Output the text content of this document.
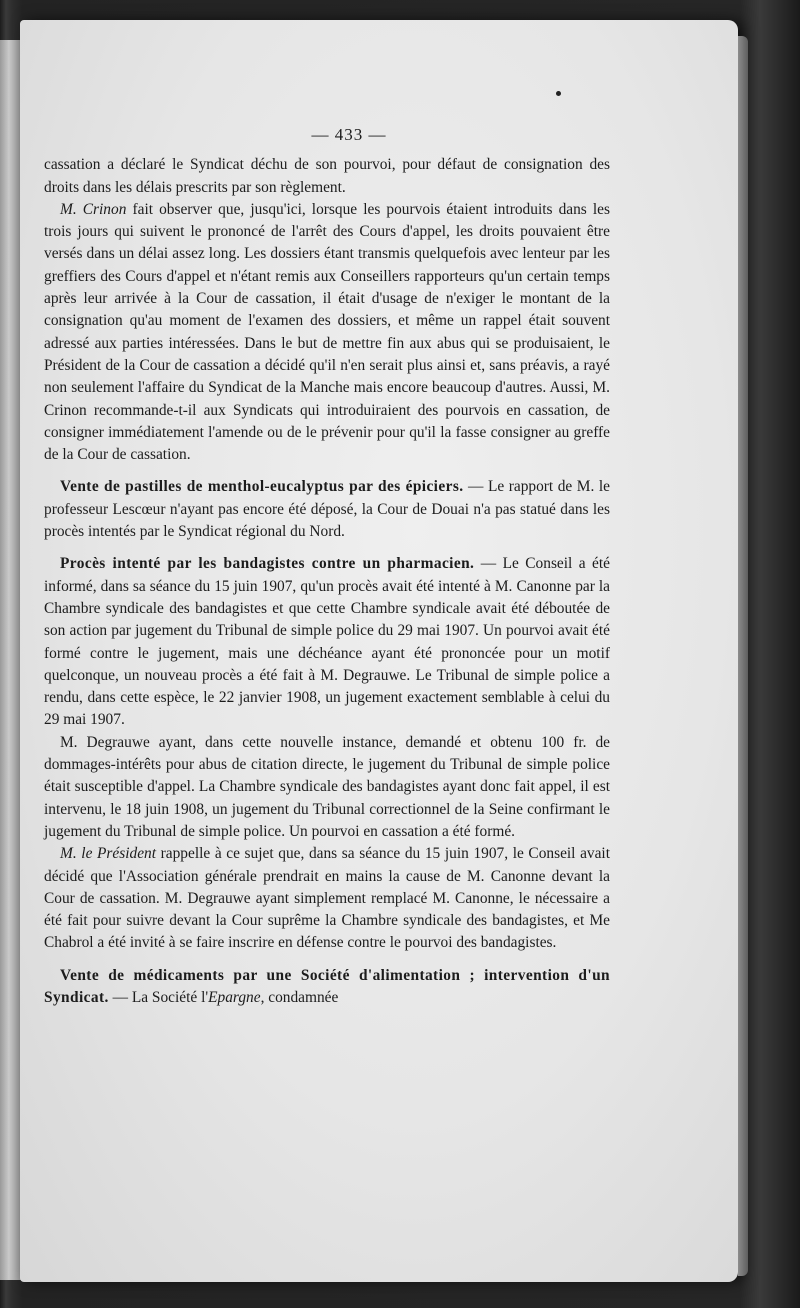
— 433 —

cassation a déclaré le Syndicat déchu de son pourvoi, pour défaut de consignation des droits dans les délais prescrits par son règlement.

M. Crinon fait observer que, jusqu'ici, lorsque les pourvois étaient introduits dans les trois jours qui suivent le prononcé de l'arrêt des Cours d'appel, les droits pouvaient être versés dans un délai assez long. Les dossiers étant transmis quelquefois avec lenteur par les greffiers des Cours d'appel et n'étant remis aux Conseillers rapporteurs qu'un certain temps après leur arrivée à la Cour de cassation, il était d'usage de n'exiger le montant de la consignation qu'au moment de l'examen des dossiers, et même un rappel était souvent adressé aux parties intéressées. Dans le but de mettre fin aux abus qui se produisaient, le Président de la Cour de cassation a décidé qu'il n'en serait plus ainsi et, sans préavis, a rayé non seulement l'affaire du Syndicat de la Manche mais encore beaucoup d'autres. Aussi, M. Crinon recommande-t-il aux Syndicats qui introduiraient des pourvois en cassation, de consigner immédiatement l'amende ou de le prévenir pour qu'il la fasse consigner au greffe de la Cour de cassation.

Vente de pastilles de menthol-eucalyptus par des épiciers. — Le rapport de M. le professeur Lescœur n'ayant pas encore été déposé, la Cour de Douai n'a pas statué dans les procès intentés par le Syndicat régional du Nord.

Procès intenté par les bandagistes contre un pharmacien. — Le Conseil a été informé, dans sa séance du 15 juin 1907, qu'un procès avait été intenté à M. Canonne par la Chambre syndicale des bandagistes et que cette Chambre syndicale avait été déboutée de son action par jugement du Tribunal de simple police du 29 mai 1907. Un pourvoi avait été formé contre le jugement, mais une déchéance ayant été prononcée pour un motif quelconque, un nouveau procès a été fait à M. Degrauwe. Le Tribunal de simple police a rendu, dans cette espèce, le 22 janvier 1908, un jugement exactement semblable à celui du 29 mai 1907.

M. Degrauwe ayant, dans cette nouvelle instance, demandé et obtenu 100 fr. de dommages-intérêts pour abus de citation directe, le jugement du Tribunal de simple police était susceptible d'appel. La Chambre syndicale des bandagistes ayant donc fait appel, il est intervenu, le 18 juin 1908, un jugement du Tribunal correctionnel de la Seine confirmant le jugement du Tribunal de simple police. Un pourvoi en cassation a été formé.

M. le Président rappelle à ce sujet que, dans sa séance du 15 juin 1907, le Conseil avait décidé que l'Association générale prendrait en mains la cause de M. Canonne devant la Cour de cassation. M. Degrauwe ayant simplement remplacé M. Canonne, le nécessaire a été fait pour suivre devant la Cour suprême la Chambre syndicale des bandagistes, et Me Chabrol a été invité à se faire inscrire en défense contre le pourvoi des bandagistes.

Vente de médicaments par une Société d'alimentation ; intervention d'un Syndicat. — La Société l'Epargne, condamnée
